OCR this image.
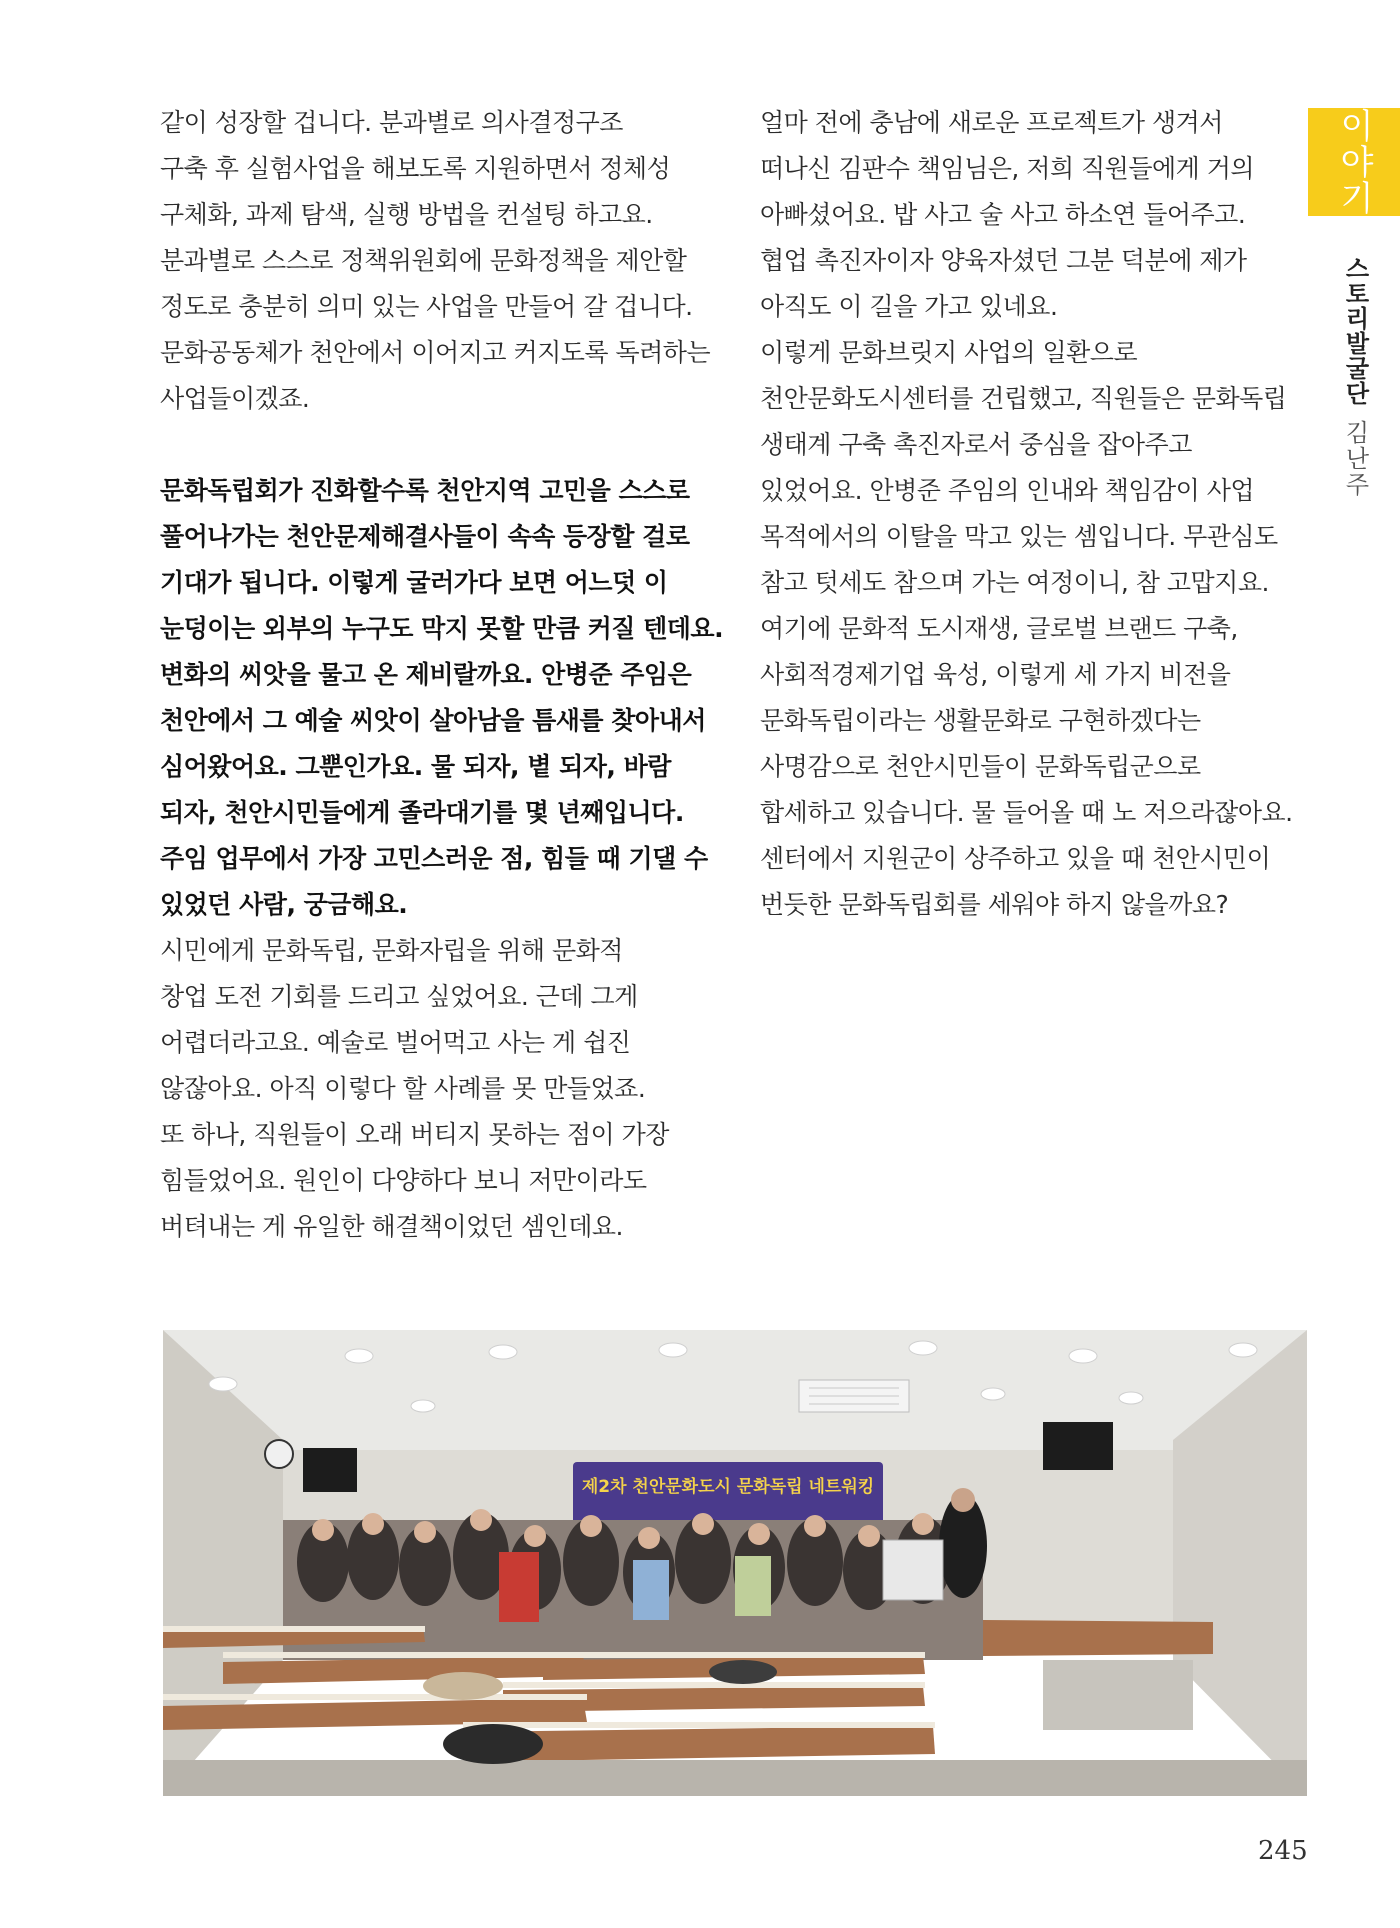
같이 성장할 겁니다. 분과별로 의사결정구조
구축 후 실험사업을 해보도록 지원하면서 정체성
구체화, 과제 탐색, 실행 방법을 컨설팅 하고요.
분과별로 스스로 정책위원회에 문화정책을 제안할
정도로 충분히 의미 있는 사업을 만들어 갈 겁니다.
문화공동체가 천안에서 이어지고 커지도록 독려하는
사업들이겠죠.
문화독립회가 진화할수록 천안지역 고민을 스스로
풀어나가는 천안문제해결사들이 속속 등장할 걸로
기대가 됩니다. 이렇게 굴러가다 보면 어느덧 이
눈덩이는 외부의 누구도 막지 못할 만큼 커질 텐데요.
변화의 씨앗을 물고 온 제비랄까요. 안병준 주임은
천안에서 그 예술 씨앗이 살아남을 틈새를 찾아내서
심어왔어요. 그뿐인가요. 물 되자, 볕 되자, 바람
되자, 천안시민들에게 졸라대기를 몇 년째입니다.
주임 업무에서 가장 고민스러운 점, 힘들 때 기댈 수
있었던 사람, 궁금해요.
시민에게 문화독립, 문화자립을 위해 문화적
창업 도전 기회를 드리고 싶었어요. 근데 그게
어렵더라고요. 예술로 벌어먹고 사는 게 쉽진
않잖아요. 아직 이렇다 할 사례를 못 만들었죠.
또 하나, 직원들이 오래 버티지 못하는 점이 가장
힘들었어요. 원인이 다양하다 보니 저만이라도
버텨내는 게 유일한 해결책이었던 셈인데요.
얼마 전에 충남에 새로운 프로젝트가 생겨서
떠나신 김판수 책임님은, 저희 직원들에게 거의
아빠셨어요. 밥 사고 술 사고 하소연 들어주고.
협업 촉진자이자 양육자셨던 그분 덕분에 제가
아직도 이 길을 가고 있네요.
이렇게 문화브릿지 사업의 일환으로
천안문화도시센터를 건립했고, 직원들은 문화독립
생태계 구축 촉진자로서 중심을 잡아주고
있었어요. 안병준 주임의 인내와 책임감이 사업
목적에서의 이탈을 막고 있는 셈입니다. 무관심도
참고 텃세도 참으며 가는 여정이니, 참 고맙지요.
여기에 문화적 도시재생, 글로벌 브랜드 구축,
사회적경제기업 육성, 이렇게 세 가지 비전을
문화독립이라는 생활문화로 구현하겠다는
사명감으로 천안시민들이 문화독립군으로
합세하고 있습니다. 물 들어올 때 노 저으라잖아요.
센터에서 지원군이 상주하고 있을 때 천안시민이
번듯한 문화독립회를 세워야 하지 않을까요?
이야기
스토리발굴단
김난주
제2차 천안문화도시 문화독립 네트워킹
245
